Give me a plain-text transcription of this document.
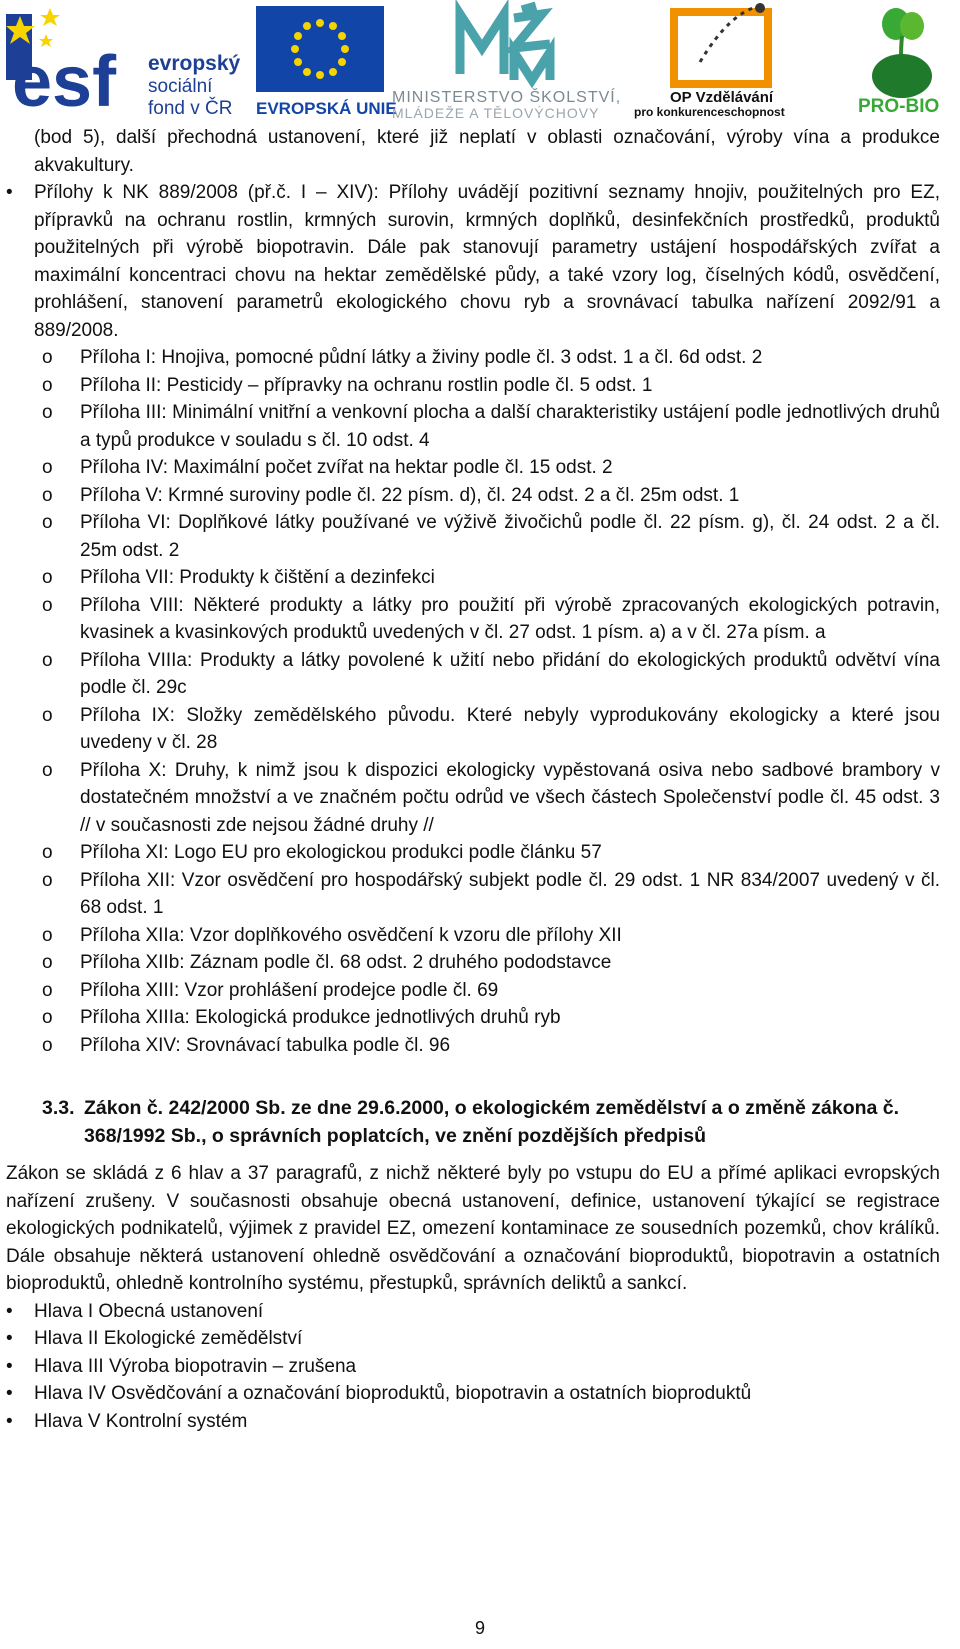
esf evropský
sociální
fond v ČR EVROPSKÁ UNIE
MINISTERSTVO ŠKOLSTVÍ,
MLÁDEŽE A TĚLOVÝCHOVY
OP Vzdělávání
pro konkurenceschopnost	PRO-BIO

(bod 5), další přechodná ustanovení, které již neplatí v oblasti označování, výroby vína a produkce akvakultury.

• Přílohy k NK 889/2008 (př.č. I – XIV): Přílohy uvádějí pozitivní seznamy hnojiv, použitelných pro EZ, přípravků na ochranu rostlin, krmných surovin, krmných doplňků, desinfekčních prostředků, produktů použitelných při výrobě biopotravin. Dále pak stanovují parametry ustájení hospodářských zvířat a maximální koncentraci chovu na hektar zemědělské půdy, a také vzory log, číselných kódů, osvědčení, prohlášení, stanovení parametrů ekologického chovu ryb a srovnávací tabulka nařízení 2092/91 a 889/2008.
o Příloha I: Hnojiva, pomocné půdní látky a živiny podle čl. 3 odst. 1 a čl. 6d odst. 2
o Příloha II: Pesticidy – přípravky na ochranu rostlin podle čl. 5 odst. 1
o Příloha III: Minimální vnitřní a venkovní plocha a další charakteristiky ustájení podle jednotlivých druhů a typů produkce v souladu s čl. 10 odst. 4
o Příloha IV: Maximální počet zvířat na hektar podle čl. 15 odst. 2
o Příloha V: Krmné suroviny podle čl. 22 písm. d), čl. 24 odst. 2 a čl. 25m odst. 1
o Příloha VI: Doplňkové látky používané ve výživě živočichů podle čl. 22 písm. g), čl. 24 odst. 2 a čl. 25m odst. 2
o Příloha VII: Produkty k čištění a dezinfekci
o Příloha VIII: Některé produkty a látky pro použití při výrobě zpracovaných ekologických potravin, kvasinek a kvasinkových produktů uvedených v čl. 27 odst. 1 písm. a) a v čl. 27a písm. a
o Příloha VIIIa: Produkty a látky povolené k užití nebo přidání do ekologických produktů odvětví vína podle čl. 29c
o Příloha IX: Složky zemědělského původu. Které nebyly vyprodukovány ekologicky a které jsou uvedeny v čl. 28
o Příloha X: Druhy, k nimž jsou k dispozici ekologicky vypěstovaná osiva nebo sadbové brambory v dostatečném množství a ve značném počtu odrůd ve všech částech Společenství podle čl. 45 odst. 3 // v současnosti zde nejsou žádné druhy //
o Příloha XI: Logo EU pro ekologickou produkci podle článku 57
o Příloha XII: Vzor osvědčení pro hospodářský subjekt podle čl. 29 odst. 1 NR 834/2007 uvedený v čl. 68 odst. 1
o Příloha XIIa: Vzor doplňkového osvědčení k vzoru dle přílohy XII
o Příloha XIIb: Záznam podle čl. 68 odst. 2 druhého pododstavce
o Příloha XIII: Vzor prohlášení prodejce podle čl. 69
o Příloha XIIIa: Ekologická produkce jednotlivých druhů ryb
o Příloha XIV: Srovnávací tabulka podle čl. 96
3.3. Zákon č. 242/2000 Sb. ze dne 29.6.2000, o ekologickém zemědělství a o změně zákona č. 368/1992 Sb., o správních poplatcích, ve znění pozdějších předpisů

Zákon se skládá z 6 hlav a 37 paragrafů, z nichž některé byly po vstupu do EU a přímé aplikaci evropských nařízení zrušeny. V současnosti obsahuje obecná ustanovení, definice, ustanovení týkající se registrace ekologických podnikatelů, výjimek z pravidel EZ, omezení kontaminace ze sousedních pozemků, chov králíků. Dále obsahuje některá ustanovení ohledně osvědčování a označování bioproduktů, biopotravin a ostatních bioproduktů, ohledně kontrolního systému, přestupků, správních deliktů a sankcí.

• Hlava I Obecná ustanovení
• Hlava II Ekologické zemědělství
• Hlava III Výroba biopotravin – zrušena
• Hlava IV Osvědčování a označování bioproduktů, biopotravin a ostatních bioproduktů
• Hlava V Kontrolní systém
9
